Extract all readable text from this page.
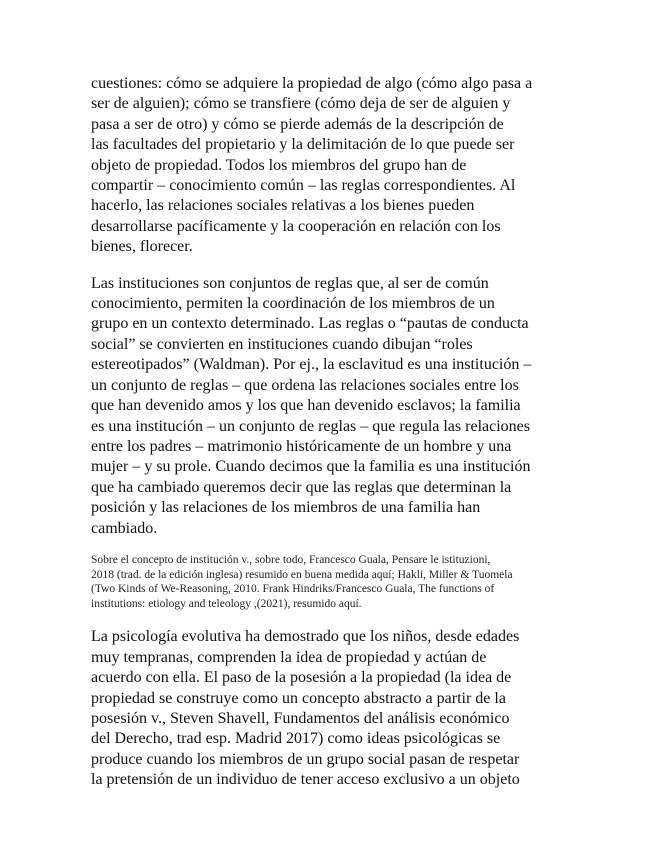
cuestiones: cómo se adquiere la propiedad de algo (cómo algo pasa a
ser de alguien); cómo se transfiere (cómo deja de ser de alguien y
pasa a ser de otro) y cómo se pierde además de la descripción de
las facultades del propietario y la delimitación de lo que puede ser
objeto de propiedad. Todos los miembros del grupo han de
compartir – conocimiento común – las reglas correspondientes. Al
hacerlo, las relaciones sociales relativas a los bienes pueden
desarrollarse pacíficamente y la cooperación en relación con los
bienes, florecer.

Las instituciones son conjuntos de reglas que, al ser de común
conocimiento, permiten la coordinación de los miembros de un
grupo en un contexto determinado. Las reglas o “pautas de conducta
social” se convierten en instituciones cuando dibujan “roles
estereotipados” (Waldman). Por ej., la esclavitud es una institución –
un conjunto de reglas – que ordena las relaciones sociales entre los
que han devenido amos y los que han devenido esclavos; la familia
es una institución – un conjunto de reglas – que regula las relaciones
entre los padres – matrimonio históricamente de un hombre y una
mujer – y su prole. Cuando decimos que la familia es una institución
que ha cambiado queremos decir que las reglas que determinan la
posición y las relaciones de los miembros de una familia han
cambiado.

Sobre el concepto de institución v., sobre todo, Francesco Guala, Pensare le istituzioni,
2018 (trad. de la edición inglesa) resumido en buena medida aquí; Hakli, Miller & Tuomela
(Two Kinds of We-Reasoning, 2010. Frank Hindriks/Francesco Guala, The functions of
institutions: etiology and teleology ,(2021), resumido aquí.

La psicología evolutiva ha demostrado que los niños, desde edades
muy tempranas, comprenden la idea de propiedad y actúan de
acuerdo con ella. El paso de la posesión a la propiedad (la idea de
propiedad se construye como un concepto abstracto a partir de la
posesión v., Steven Shavell, Fundamentos del análisis económico
del Derecho, trad esp. Madrid 2017) como ideas psicológicas se
produce cuando los miembros de un grupo social pasan de respetar
la pretensión de un individuo de tener acceso exclusivo a un objeto
